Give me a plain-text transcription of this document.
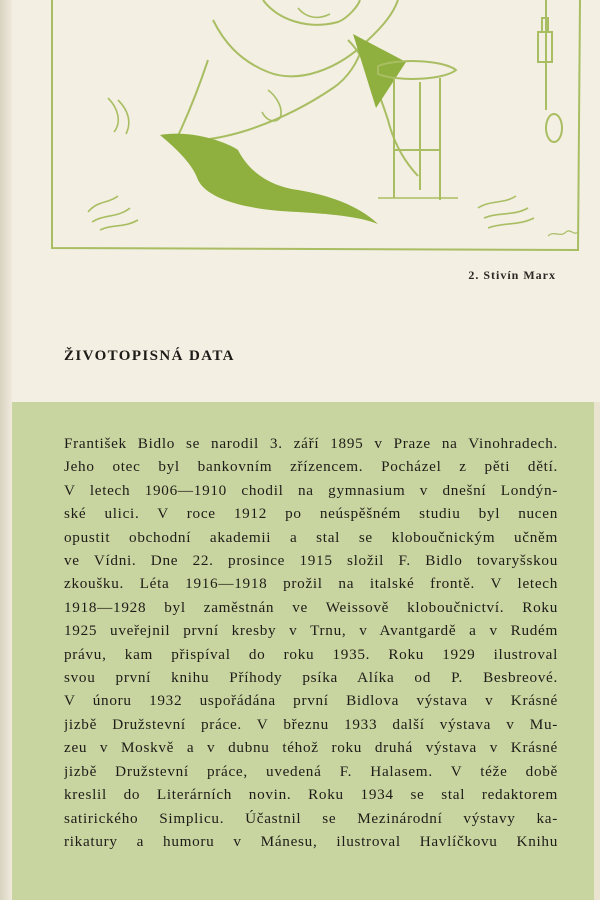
2. Stivín Marx
ŽIVOTOPISNÁ DATA

František Bidlo se narodil 3. září 1895 v Praze na Vinohradech.
Jeho otec byl bankovním zřízencem. Pocházel z pěti dětí.
V letech 1906—1910 chodil na gymnasium v dnešní Londýn-
ské ulici. V roce 1912 po neúspěšném studiu byl nucen
opustit obchodní akademii a stal se kloboučnickým učněm
ve Vídni. Dne 22. prosince 1915 složil F. Bidlo tovaryšskou
zkoušku. Léta 1916—1918 prožil na italské frontě. V letech
1918—1928 byl zaměstnán ve Weissově kloboučnictví. Roku
1925 uveřejnil první kresby v Trnu, v Avantgardě a v Rudém
právu, kam přispíval do roku 1935. Roku 1929 ilustroval
svou první knihu Příhody psíka Alíka od P. Besbreové.
V únoru 1932 uspořádána první Bidlova výstava v Krásné
jizbě Družstevní práce. V březnu 1933 další výstava v Mu-
zeu v Moskvě a v dubnu téhož roku druhá výstava v Krásné
jizbě Družstevní práce, uvedená F. Halasem. V téže době
kreslil do Literárních novin. Roku 1934 se stal redaktorem
satirického Simplicu. Účastnil se Mezinárodní výstavy ka-
rikatury a humoru v Mánesu, ilustroval Havlíčkovu Knihu
